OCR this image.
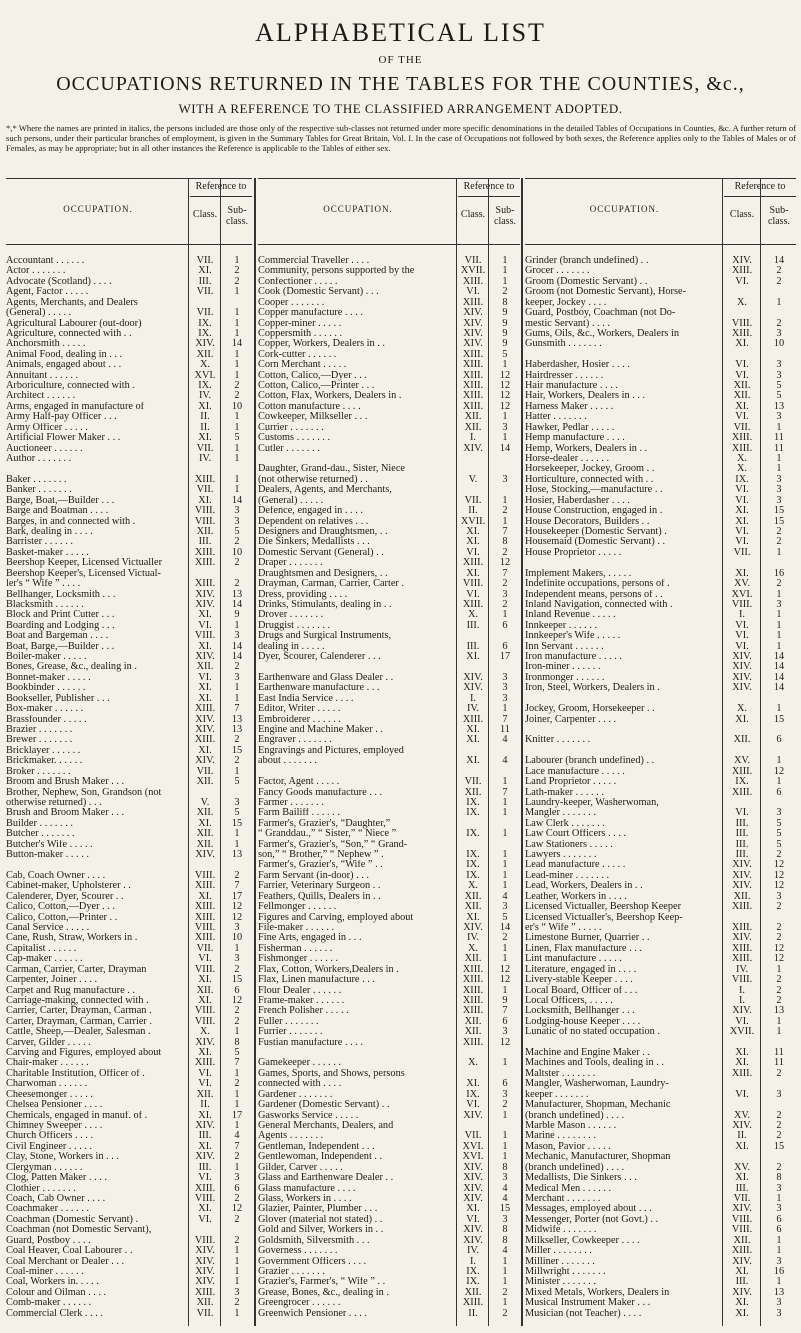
ALPHABETICAL LIST
OF THE
OCCUPATIONS RETURNED IN THE TABLES FOR THE COUNTIES, &c.,
WITH A REFERENCE TO THE CLASSIFIED ARRANGEMENT ADOPTED.
*,* Where the names are printed in italics, the persons included are those only of the respective sub-classes not returned under more specific denominations in the detailed Tables of Occupations in Counties, &c. A further return of such persons, under their particular branches of employment, is given in the Summary Tables for Great Britain, Vol. I. In the case of Occupations not followed by both sexes, the Reference applies only to the Tables of Males or of Females, as may be appropriate; but in all other instances the Reference is applicable to the Tables of either sex.
OCCUPATION.
Reference to
Class.	Sub-class.
OCCUPATION.
Reference to
Class.	Sub-class.
OCCUPATION.
Reference to
Class.	Sub-class.
Accountant . . . . . .	VII.	1
Actor . . . . . . .	XI.	2
Advocate (Scotland) . . . .	III.	2
Agent, Factor . . . . .	VII.	1
Agents, Merchants, and Dealers
(General) . . . . .	VII.	1
Agricultural Labourer (out-door)	IX.	1
Agriculture, connected with . .	IX.	1
Anchorsmith . . . . .	XIV.	14
Animal Food, dealing in . . .	XII.	1
Animals, engaged about . . .	X.	1
Annuitant . . . . . .	XVI.	1
Arboriculture, connected with .	IX.	2
Architect . . . . . .	IV.	2
Arms, engaged in manufacture of	XI.	10
Army Half-pay Officer . . .	II.	1
Army Officer . . . . .	II.	1
Artificial Flower Maker . . .	XI.	5
Auctioneer . . . . . .	VII.	1
Author . . . . . . .	IV.	1
Baker . . . . . . .	XIII.	1
Banker . . . . . . .	VII.	1
Barge, Boat,—Builder . . .	XI.	14
Barge and Boatman . . . .	VIII.	3
Barges, in and connected with .	VIII.	3
Bark, dealing in . . . .	XII.	5
Barrister . . . . . .	III.	2
Basket-maker . . . . .	XIII.	10
Beershop Keeper, Licensed Victualler	XIII.	2
Beershop Keeper's, Licensed Victual-
ler's “ Wife ” . . . .	XIII.	2
Bellhanger, Locksmith . . .	XIV.	13
Blacksmith . . . . . .	XIV.	14
Block and Print Cutter . . .	XI.	9
Boarding and Lodging . . .	VI.	1
Boat and Bargeman . . . .	VIII.	3
Boat, Barge,—Builder . . .	XI.	14
Boiler-maker . . . . .	XIV.	14
Bones, Grease, &c., dealing in .	XII.	2
Bonnet-maker . . . . .	VI.	3
Bookbinder . . . . . .	XI.	1
Bookseller, Publisher . . .	XI.	1
Box-maker . . . . . .	XIII.	7
Brassfounder . . . . .	XIV.	13
Brazier . . . . . . .	XIV.	13
Brewer . . . . . . .	XIII.	2
Bricklayer . . . . . .	XI.	15
Brickmaker. . . . . .	XIV.	2
Broker . . . . . . .	VII.	1
Broom and Brush Maker . . .	XII.	5
Brother, Nephew, Son, Grandson (not
otherwise returned) . . .	V.	3
Brush and Broom Maker . . .	XII.	5
Builder . . . . . . .	XI.	15
Butcher . . . . . . .	XII.	1
Butcher's Wife . . . . .	XII.	1
Button-maker . . . . .	XIV.	13
Cab, Coach Owner . . . .	VIII.	2
Cabinet-maker, Upholsterer . .	XIII.	7
Calenderer, Dyer, Scourer . .	XI.	17
Calico, Cotton,—Dyer . . .	XIII.	12
Calico, Cotton,—Printer . .	XIII.	12
Canal Service . . . . .	VIII.	3
Cane, Rush, Straw, Workers in .	XIII.	10
Capitalist . . . . . .	VII.	1
Cap-maker . . . . . .	VI.	3
Carman, Carrier, Carter, Drayman	VIII.	2
Carpenter, Joiner . . . .	XI.	15
Carpet and Rug manufacture . .	XII.	6
Carriage-making, connected with .	XI.	12
Carrier, Carter, Drayman, Carman .	VIII.	2
Carter, Drayman, Carman, Carrier .	VIII.	2
Cattle, Sheep,—Dealer, Salesman .	X.	1
Carver, Gilder . . . . .	XIV.	8
Carving and Figures, employed about	XI.	5
Chair-maker . . . . . .	XIII.	7
Charitable Institution, Officer of .	VI.	1
Charwoman . . . . . .	VI.	2
Cheesemonger . . . . .	XII.	1
Chelsea Pensioner . . . .	II.	1
Chemicals, engaged in manuf. of .	XI.	17
Chimney Sweeper . . . .	XIV.	1
Church Officers . . . .	III.	4
Civil Engineer . . . . .	XI.	7
Clay, Stone, Workers in . . .	XIV.	2
Clergyman . . . . . .	III.	1
Clog, Patten Maker . . . .	VI.	3
Clothier . . . . . . .	XIII.	6
Coach, Cab Owner . . . .	VIII.	2
Coachmaker . . . . . .	XI.	12
Coachman (Domestic Servant) .	VI.	2
Coachman (not Domestic Servant),
Guard, Postboy . . . .	VIII.	2
Coal Heaver, Coal Labourer . .	XIV.	1
Coal Merchant or Dealer . . .	XIV.	1
Coal-miner . . . . . .	XIV.	1
Coal, Workers in. . . . .	XIV.	1
Colour and Oilman . . . .	XIII.	3
Comb-maker . . . . . .	XII.	2
Commercial Clerk . . . .	VII.	1
Commercial Traveller . . . .	VII.	1
Community, persons supported by the	XVII.	1
Confectioner . . . . .	XIII.	1
Cook (Domestic Servant) . . .	VI.	2
Cooper . . . . . . .	XIII.	8
Copper manufacture . . . .	XIV.	9
Copper-miner . . . . .	XIV.	9
Coppersmith . . . . . .	XIV.	9
Copper, Workers, Dealers in . .	XIV.	9
Cork-cutter . . . . . .	XIII.	5
Corn Merchant . . . . .	XIII.	1
Cotton, Calico,—Dyer . . .	XIII.	12
Cotton, Calico,—Printer . . .	XIII.	12
Cotton, Flax, Workers, Dealers in .	XIII.	12
Cotton manufacture . . . .	XIII.	12
Cowkeeper, Milkseller . . .	XII.	1
Currier . . . . . . .	XII.	3
Customs . . . . . . .	I.	1
Cutler . . . . . . .	XIV.	14
Daughter, Grand-dau., Sister, Niece
(not otherwise returned) . .	V.	3
Dealers, Agents, and Merchants,
(General) . . . . .	VII.	1
Defence, engaged in . . . .	II.	2
Dependent on relatives . . .	XVII.	1
Designers and Draughtsmen, . .	XI.	7
Die Sinkers, Medallists . . .	XI.	8
Domestic Servant (General) . .	VI.	2
Draper . . . . . . .	XIII.	12
Draughtsmen and Designers, . .	XI.	7
Drayman, Carman, Carrier, Carter .	VIII.	2
Dress, providing . . . .	VI.	3
Drinks, Stimulants, dealing in . .	XIII.	2
Drover . . . . . . .	X.	1
Druggist . . . . . . .	III.	6
Drugs and Surgical Instruments,
dealing in . . . . .	III.	6
Dyer, Scourer, Calenderer . . .	XI.	17
Earthenware and Glass Dealer . .	XIV.	3
Earthenware manufacture . . .	XIV.	3
East India Service . . . .	I.	3
Editor, Writer . . . . .	IV.	1
Embroiderer . . . . . .	XIII.	7
Engine and Machine Maker . .	XI.	11
Engraver . . . . . . .	XI.	4
Engravings and Pictures, employed
about . . . . . . .	XI.	4
Factor, Agent . . . . .	VII.	1
Fancy Goods manufacture . . .	XII.	7
Farmer . . . . . . .	IX.	1
Farm Bailiff . . . . . .	IX.	1
Farmer's, Grazier's, “Daughter,”
“ Granddau.,” “ Sister,” “ Niece ”	IX.	1
Farmer's, Grazier's, “Son,” “ Grand-
son,” “ Brother,” “ Nephew ” .	IX.	1
Farmer's, Grazier's, “Wife ” . .	IX.	1
Farm Servant (in-door) . . .	IX.	1
Farrier, Veterinary Surgeon . .	X.	1
Feathers, Quills, Dealers in . .	XII.	4
Fellmonger . . . . . .	XII.	3
Figures and Carving, employed about	XI.	5
File-maker . . . . . .	XIV.	14
Fine Arts, engaged in . . .	IV.	2
Fisherman . . . . . .	X.	1
Fishmonger . . . . . .	XII.	1
Flax, Cotton, Workers,Dealers in .	XIII.	12
Flax, Linen manufacture . . .	XIII.	12
Flour Dealer . . . . . .	XIII.	1
Frame-maker . . . . . .	XIII.	9
French Polisher . . . . .	XIII.	7
Fuller . . . . . . .	XII.	6
Furrier . . . . . . .	XII.	3
Fustian manufacture . . . .	XIII.	12
Gamekeeper . . . . . .	X.	1
Games, Sports, and Shows, persons
connected with . . . .	XI.	6
Gardener . . . . . . .	IX.	3
Gardener (Domestic Servant) . .	VI.	2
Gasworks Service . . . . .	XIV.	1
General Merchants, Dealers, and
Agents . . . . . . .	VII.	1
Gentleman, Independent . . .	XVI.	1
Gentlewoman, Independent . .	XVI.	1
Gilder, Carver . . . . .	XIV.	8
Glass and Earthenware Dealer . .	XIV.	3
Glass manufacture . . . .	XIV.	4
Glass, Workers in . . . .	XIV.	4
Glazier, Painter, Plumber . . .	XI.	15
Glover (material not stated) . .	VI.	3
Gold and Silver, Workers in . .	XIV.	8
Goldsmith, Silversmith . . .	XIV.	8
Governess . . . . . . .	IV.	4
Government Officers . . . .	I.	1
Grazier . . . . . . .	IX.	1
Grazier's, Farmer's, “ Wife ” . .	IX.	1
Grease, Bones, &c., dealing in .	XII.	2
Greengrocer . . . . . .	XIII.	1
Greenwich Pensioner . . . .	II.	2
Grinder (branch undefined) . .	XIV.	14
Grocer . . . . . . .	XIII.	2
Groom (Domestic Servant) . .	VI.	2
Groom (not Domestic Servant), Horse-
keeper, Jockey . . . .	X.	1
Guard, Postboy, Coachman (not Do-
mestic Servant) . . . .	VIII.	2
Gums, Oils, &c., Workers, Dealers in	XIII.	3
Gunsmith . . . . . . .	XI.	10
Haberdasher, Hosier . . . .	VI.	3
Hairdresser . . . . . .	VI.	3
Hair manufacture . . . .	XII.	5
Hair, Workers, Dealers in . . .	XII.	5
Harness Maker . . . . .	XI.	13
Hatter . . . . . . .	VI.	3
Hawker, Pedlar . . . . .	VII.	1
Hemp manufacture . . . .	XIII.	11
Hemp, Workers, Dealers in . .	XIII.	11
Horse-dealer . . . . . .	X.	1
Horsekeeper, Jockey, Groom . .	X.	1
Horticulture, connected with . .	IX.	3
Hose, Stocking,—manufacture . .	VI.	3
Hosier, Haberdasher . . . .	VI.	3
House Construction, engaged in .	XI.	15
House Decorators, Builders . .	XI.	15
Housekeeper (Domestic Servant) .	VI.	2
Housemaid (Domestic Servant) . .	VI.	2
House Proprietor . . . . .	VII.	1
Implement Makers, . . . . .	XI.	16
Indefinite occupations, persons of .	XV.	2
Independent means, persons of . .	XVI.	1
Inland Navigation, connected with .	VIII.	3
Inland Revenue . . . . .	I.	1
Innkeeper . . . . . .	VI.	1
Innkeeper's Wife . . . . .	VI.	1
Inn Servant . . . . . .	VI.	1
Iron manufacture . . . . .	XIV.	14
Iron-miner . . . . . .	XIV.	14
Ironmonger . . . . . .	XIV.	14
Iron, Steel, Workers, Dealers in .	XIV.	14
Jockey, Groom, Horsekeeper . .	X.	1
Joiner, Carpenter . . . .	XI.	15
Knitter . . . . . . .	XII.	6
Labourer (branch undefined) . .	XV.	1
Lace manufacture . . . . .	XIII.	12
Land Proprietor . . . . .	IX.	1
Lath-maker . . . . . .	XIII.	6
Laundry-keeper, Washerwoman,
Mangler . . . . . . .	VI.	3
Law Clerk . . . . . . .	III.	5
Law Court Officers . . . .	III.	5
Law Stationers . . . . .	III.	5
Lawyers . . . . . . .	III.	2
Lead manufacture . . . . .	XIV.	12
Lead-miner . . . . . . .	XIV.	12
Lead, Workers, Dealers in . .	XIV.	12
Leather, Workers in . . . .	XII.	3
Licensed Victualler, Beershop Keeper	XIII.	2
Licensed Victualler's, Beershop Keep-
er's “ Wife ” . . . . .	XIII.	2
Limestone Burner, Quarrier . .	XIV.	2
Linen, Flax manufacture . . .	XIII.	12
Lint manufacture . . . . .	XIII.	12
Literature, engaged in . . . .	IV.	1
Livery-stable Keeper . . . .	VIII.	2
Local Board, Officer of . . .	I.	2
Local Officers, . . . . .	I.	2
Locksmith, Bellhanger . . .	XIV.	13
Lodging-house Keeper . . . .	VI.	1
Lunatic of no stated occupation .	XVII.	1
Machine and Engine Maker . .	XI.	11
Machines and Tools, dealing in . .	XI.	11
Maltster . . . . . . .	XIII.	2
Mangler, Washerwoman, Laundry-
keeper . . . . . . .	VI.	3
Manufacturer, Shopman, Mechanic
(branch undefined) . . . .	XV.	2
Marble Mason . . . . . .	XIV.	2
Marine . . . . . . . .	II.	2
Mason, Pavior . . . . .	XI.	15
Mechanic, Manufacturer, Shopman
(branch undefined) . . . .	XV.	2
Medallists, Die Sinkers . . .	XI.	8
Medical Men . . . . . .	III.	3
Merchant . . . . . . .	VII.	1
Messages, employed about . . .	XIV.	3
Messenger, Porter (not Govt.) . .	VIII.	6
Midwife . . . . . . .	VIII.	6
Milkseller, Cowkeeper . . . .	XII.	1
Miller . . . . . . . .	XIII.	1
Milliner . . . . . . .	XIV.	3
Millwright . . . . . . .	XI.	16
Minister . . . . . . .	III.	1
Mixed Metals, Workers, Dealers in	XIV.	13
Musical Instrument Maker . . .	XI.	3
Musician (not Teacher) . . . .	XI.	3
